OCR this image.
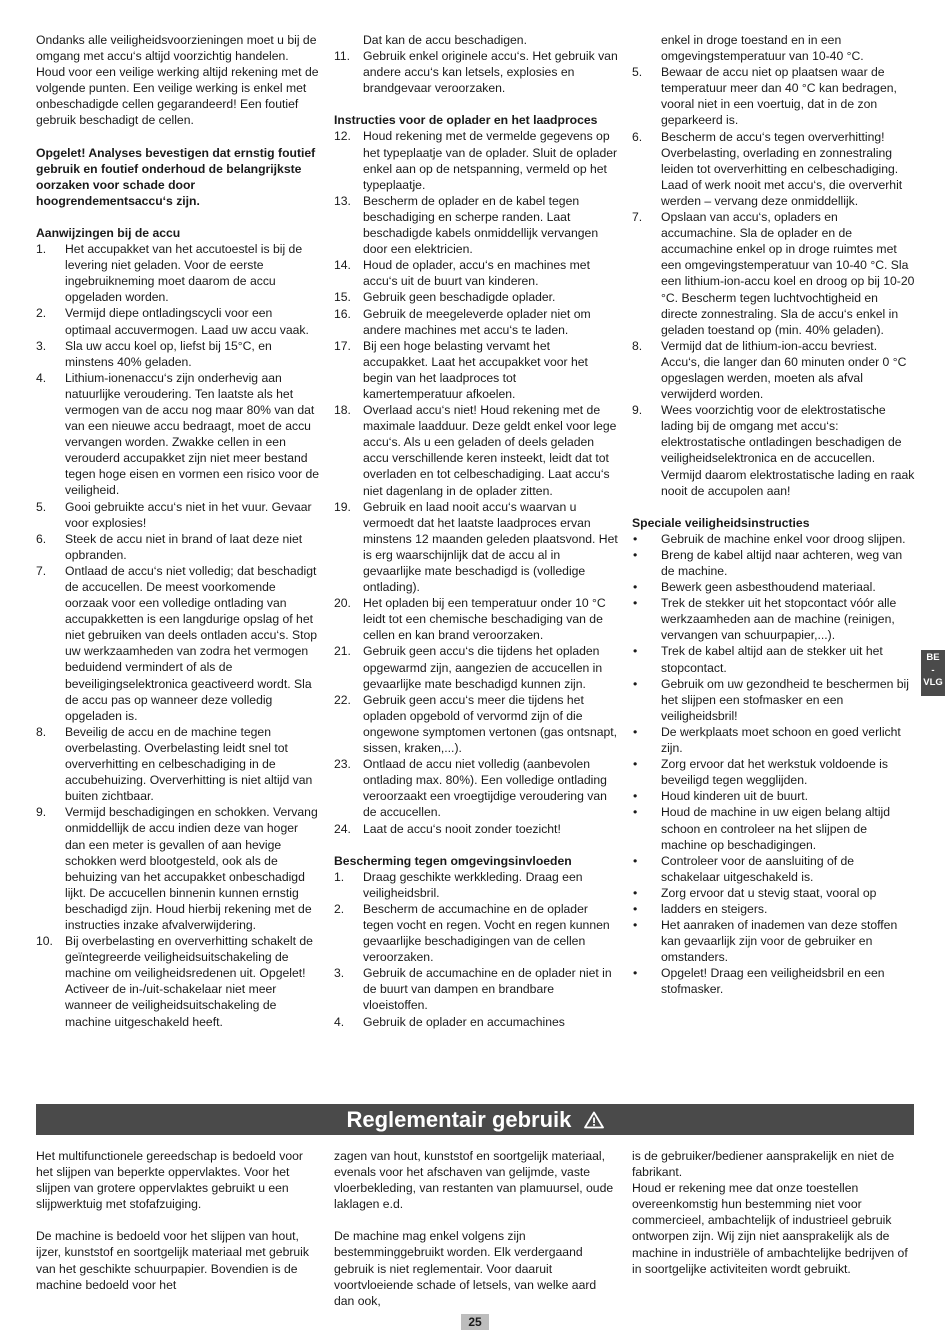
Ondanks alle veiligheidsvoorzieningen moet u bij de omgang met accu‘s altijd voorzichtig handelen. Houd voor een veilige werking altijd rekening met de volgende punten. Een veilige werking is enkel met onbeschadigde cellen gegarandeerd! Een foutief gebruik beschadigt de cellen.

Opgelet! Analyses bevestigen dat ernstig foutief gebruik en foutief onderhoud de belangrijkste oorzaken voor schade door hoogrendementsaccu‘s zijn.

Aanwijzingen bij de accu

1. Het accupakket van het accutoestel is bij de levering niet geladen. Voor de eerste ingebruikneming moet daarom de accu opgeladen worden.
2. Vermijd diepe ontladingscycli voor een optimaal accuvermogen. Laad uw accu vaak.
3. Sla uw accu koel op, liefst bij 15°C, en minstens 40% geladen.
4. Lithium-ionenaccu‘s zijn onderhevig aan natuurlijke veroudering. Ten laatste als het vermogen van de accu nog maar 80% van dat van een nieuwe accu bedraagt, moet de accu vervangen worden. Zwakke cellen in een verouderd accupakket zijn niet meer bestand tegen hoge eisen en vormen een risico voor de veiligheid.
5. Gooi gebruikte accu‘s niet in het vuur. Gevaar voor explosies!
6. Steek de accu niet in brand of laat deze niet opbranden.
7. Ontlaad de accu‘s niet volledig; dat beschadigt de accucellen. De meest voorkomende oorzaak voor een volledige ontlading van accupakketten is een langdurige opslag of het niet gebruiken van deels ontladen accu‘s. Stop uw werkzaamheden van zodra het vermogen beduidend vermindert of als de beveiligingselektronica geactiveerd wordt. Sla de accu pas op wanneer deze volledig opgeladen is.
8. Beveilig de accu en de machine tegen overbelasting. Overbelasting leidt snel tot oververhitting en celbeschadiging in de accubehuizing. Oververhitting is niet altijd van buiten zichtbaar.
9. Vermijd beschadigingen en schokken. Vervang onmiddellijk de accu indien deze van hoger dan een meter is gevallen of aan hevige schokken werd blootgesteld, ook als de behuizing van het accupakket onbeschadigd lijkt. De accucellen binnenin kunnen ernstig beschadigd zijn. Houd hierbij rekening met de instructies inzake afvalverwijdering.
10. Bij overbelasting en oververhitting schakelt de geïntegreerde veiligheidsuitschakeling de machine om veiligheidsredenen uit. Opgelet! Activeer de in-/uit-schakelaar niet meer wanneer de veiligheidsuitschakeling de machine uitgeschakeld heeft.
Dat kan de accu beschadigen.
11. Gebruik enkel originele accu‘s. Het gebruik van andere accu‘s kan letsels, explosies en brandgevaar veroorzaken.

Instructies voor de oplader en het laadproces

12. Houd rekening met de vermelde gegevens op het typeplaatje van de oplader. Sluit de oplader enkel aan op de netspanning, vermeld op het typeplaatje.
13. Bescherm de oplader en de kabel tegen beschadiging en scherpe randen. Laat beschadigde kabels onmiddellijk vervangen door een elektricien.
14. Houd de oplader, accu‘s en machines met accu‘s uit de buurt van kinderen.
15. Gebruik geen beschadigde oplader.
16. Gebruik de meegeleverde oplader niet om andere machines met accu‘s te laden.
17. Bij een hoge belasting vervamt het accupakket. Laat het accupakket voor het begin van het laadproces tot kamertemperatuur afkoelen.
18. Overlaad accu‘s niet! Houd rekening met de maximale laadduur. Deze geldt enkel voor lege accu‘s. Als u een geladen of deels geladen accu verschillende keren insteekt, leidt dat tot overladen en tot celbeschadiging. Laat accu‘s niet dagenlang in de oplader zitten.
19. Gebruik en laad nooit accu‘s waarvan u vermoedt dat het laatste laadproces ervan minstens 12 maanden geleden plaatsvond. Het is erg waarschijnlijk dat de accu al in gevaarlijke mate beschadigd is (volledige ontlading).
20. Het opladen bij een temperatuur onder 10 °C leidt tot een chemische beschadiging van de cellen en kan brand veroorzaken.
21. Gebruik geen accu‘s die tijdens het opladen opgewarmd zijn, aangezien de accucellen in gevaarlijke mate beschadigd kunnen zijn.
22. Gebruik geen accu‘s meer die tijdens het opladen opgebold of vervormd zijn of die ongewone symptomen vertonen (gas ontsnapt, sissen, kraken,...).
23. Ontlaad de accu niet volledig (aanbevolen ontlading max. 80%). Een volledige ontlading veroorzaakt een vroegtijdige veroudering van de accucellen.
24. Laat de accu‘s nooit zonder toezicht!

Bescherming tegen omgevingsinvloeden

1. Draag geschikte werkkleding. Draag een veiligheidsbril.
2. Bescherm de accumachine en de oplader tegen vocht en regen. Vocht en regen kunnen gevaarlijke beschadigingen van de cellen veroorzaken.
3. Gebruik de accumachine en de oplader niet in de buurt van dampen en brandbare vloeistoffen.
4. Gebruik de oplader en accumachines
enkel in droge toestand en in een omgevingstemperatuur van 10-40 °C.
5. Bewaar de accu niet op plaatsen waar de temperatuur meer dan 40 °C kan bedragen, vooral niet in een voertuig, dat in de zon geparkeerd is.
6. Bescherm de accu‘s tegen oververhitting! Overbelasting, overlading en zonnestraling leiden tot oververhitting en celbeschadiging. Laad of werk nooit met accu‘s, die oververhit werden – vervang deze onmiddellijk.
7. Opslaan van accu‘s, opladers en accumachine. Sla de oplader en de accumachine enkel op in droge ruimtes met een omgevingstemperatuur van 10-40 °C. Sla een lithium-ion-accu koel en droog op bij 10-20 °C. Bescherm tegen luchtvochtigheid en directe zonnestraling. Sla de accu‘s enkel in geladen toestand op (min. 40% geladen).
8. Vermijd dat de lithium-ion-accu bevriest. Accu‘s, die langer dan 60 minuten onder 0 °C opgeslagen werden, moeten als afval verwijderd worden.
9. Wees voorzichtig voor de elektrostatische lading bij de omgang met accu‘s: elektrostatische ontladingen beschadigen de veiligheidselektronica en de accucellen. Vermijd daarom elektrostatische lading en raak nooit de accupolen aan!

Speciale veiligheidsinstructies

• Gebruik de machine enkel voor droog slijpen.
• Breng de kabel altijd naar achteren, weg van de machine.
• Bewerk geen asbesthoudend materiaal.
• Trek de stekker uit het stopcontact vóór alle werkzaamheden aan de machine (reinigen, vervangen van schuurpapier,...).
• Trek de kabel altijd aan de stekker uit het stopcontact.
• Gebruik om uw gezondheid te beschermen bij het slijpen een stofmasker en een veiligheidsbril!
• De werkplaats moet schoon en goed verlicht zijn.
• Zorg ervoor dat het werkstuk voldoende is beveiligd tegen wegglijden.
• Houd kinderen uit de buurt.
• Houd de machine in uw eigen belang altijd schoon en controleer na het slijpen de machine op beschadigingen.
• Controleer voor de aansluiting of de schakelaar uitgeschakeld is.
• Zorg ervoor dat u stevig staat, vooral op
• ladders en steigers.
• Het aanraken of inademen van deze stoffen kan gevaarlijk zijn voor de gebruiker en omstanders.
• Opgelet! Draag een veiligheidsbril en een stofmasker.
BE
-
VLG
Reglementair gebruik

Het multifunctionele gereedschap is bedoeld voor het slijpen van beperkte oppervlaktes. Voor het slijpen van grotere oppervlaktes gebruikt u een slijpwerktuig met stofafzuiging.

De machine is bedoeld voor het slijpen van hout, ijzer, kunststof en soortgelijk materiaal met gebruik van het geschikte schuurpapier. Bovendien is de machine bedoeld voor het

zagen van hout, kunststof en soortgelijk materiaal, evenals voor het afschaven van gelijmde, vaste vloerbekleding, van restanten van plamuursel, oude laklagen e.d.

De machine mag enkel volgens zijn bestemminggebruikt worden. Elk verdergaand gebruik is niet reglementair. Voor daaruit voortvloeiende schade of letsels, van welke aard dan ook,

is de gebruiker/bediener aansprakelijk en niet de fabrikant.

Houd er rekening mee dat onze toestellen overeenkomstig hun bestemming niet voor commercieel, ambachtelijk of industrieel gebruik ontworpen zijn. Wij zijn niet aansprakelijk als de machine in industriële of ambachtelijke bedrijven of in soortgelijke activiteiten wordt gebruikt.

25
